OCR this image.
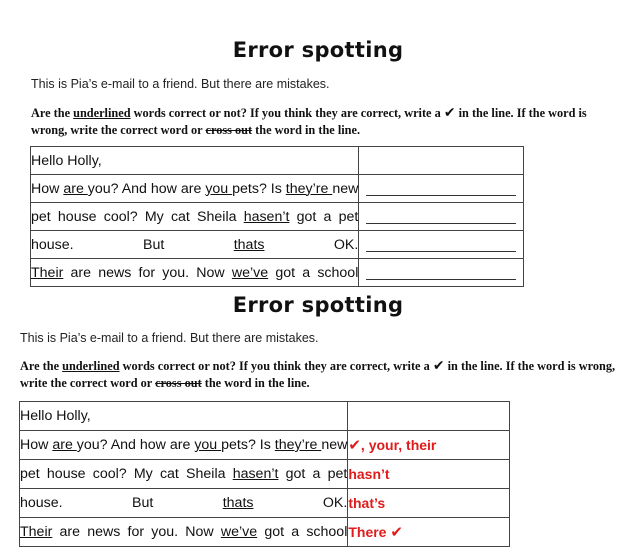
Error spotting
This is Pia’s e-mail to a friend. But there are mistakes.
Are the underlined words correct or not? If you think they are correct, write a ✔ in the line. If the word is wrong, write the correct word or cross out the word in the line.
Hello Holly,	
How are you? And how are you pets? Is they’re new	

pet house cool? My cat Sheila hasen’t got a pet	

house. But thats OK.	

Their are news for you. Now we’ve got a school	
Error spotting
This is Pia’s e-mail to a friend. But there are mistakes.
Are the underlined words correct or not? If you think they are correct, write a ✔ in the line. If the word is wrong, write the correct word or cross out the word in the line.
Hello Holly,	
How are you? And how are you pets? Is they’re new	✔, your, their
pet house cool? My cat Sheila hasen’t got a pet	hasn’t
house. But thats OK.	that’s
Their are news for you. Now we’ve got a school	There ✔
